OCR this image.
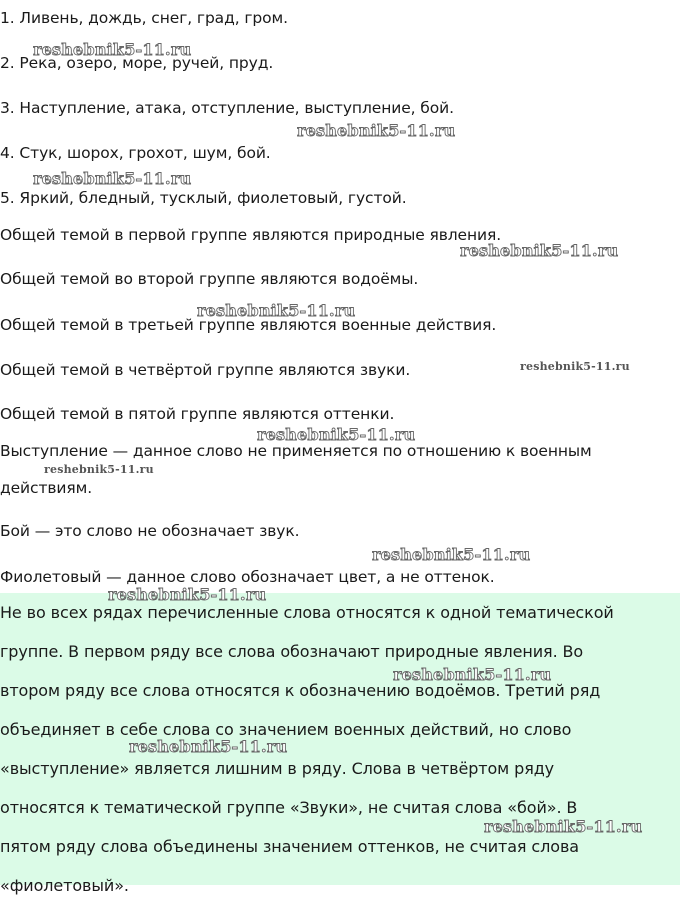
1. Ливень, дождь, снег, град, гром.
2. Река, озеро, море, ручей, пруд.
3. Наступление, атака, отступление, выступление, бой.
4. Стук, шорох, грохот, шум, бой.
5. Яркий, бледный, тусклый, фиолетовый, густой.
Общей темой в первой группе являются природные явления.
Общей темой во второй группе являются водоёмы.
Общей темой в третьей группе являются военные действия.
Общей темой в четвёртой группе являются звуки.
Общей темой в пятой группе являются оттенки.
Выступление — данное слово не применяется по отношению к военным
действиям.
Бой — это слово не обозначает звук.
Фиолетовый — данное слово обозначает цвет, а не оттенок.
Не во всех рядах перечисленные слова относятся к одной тематической
группе. В первом ряду все слова обозначают природные явления. Во
втором ряду все слова относятся к обозначению водоёмов. Третий ряд
объединяет в себе слова со значением военных действий, но слово
«выступление» является лишним в ряду. Слова в четвёртом ряду
относятся к тематической группе «Звуки», не считая слова «бой». В
пятом ряду слова объединены значением оттенков, не считая слова
«фиолетовый».
reshebnik5-11.ru
reshebnik5-11.ru
reshebnik5-11.ru
reshebnik5-11.ru
reshebnik5-11.ru
reshebnik5-11.ru
reshebnik5-11.ru
reshebnik5-11.ru
reshebnik5-11.ru
reshebnik5-11.ru
reshebnik5-11.ru
reshebnik5-11.ru
reshebnik5-11.ru
